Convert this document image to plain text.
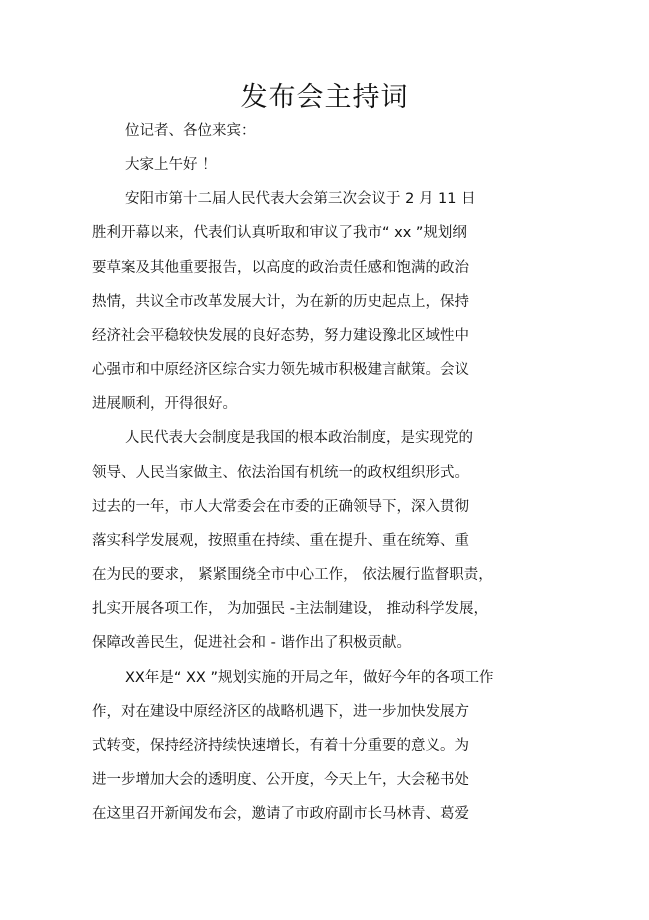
发布会主持词
位记者、各位来宾：
大家上午好 ！
安阳市第十二届人民代表大会第三次会议于 2 月 11 日
胜利开幕以来，代表们认真听取和审议了我市“ xx ”规划纲
要草案及其他重要报告，以高度的政治责任感和饱满的政治
热情，共议全市改革发展大计，为在新的历史起点上，保持
经济社会平稳较快发展的良好态势，努力建设豫北区域性中
心强市和中原经济区综合实力领先城市积极建言献策。会议
进展顺利，开得很好。
人民代表大会制度是我国的根本政治制度，是实现党的
领导、人民当家做主、依法治国有机统一的政权组织形式。
过去的一年，市人大常委会在市委的正确领导下，深入贯彻
落实科学发展观，按照重在持续、重在提升、重在统筹、重
在为民的要求， 紧紧围绕全市中心工作， 依法履行监督职责，
扎实开展各项工作， 为加强民 -主法制建设， 推动科学发展，
保障改善民生，促进社会和 - 谐作出了积极贡献。
XX年是“ XX ”规划实施的开局之年，做好今年的各项工作
作，对在建设中原经济区的战略机遇下，进一步加快发展方
式转变，保持经济持续快速增长，有着十分重要的意义。为
进一步增加大会的透明度、公开度，今天上午，大会秘书处
在这里召开新闻发布会，邀请了市政府副市长马林青、葛爱
